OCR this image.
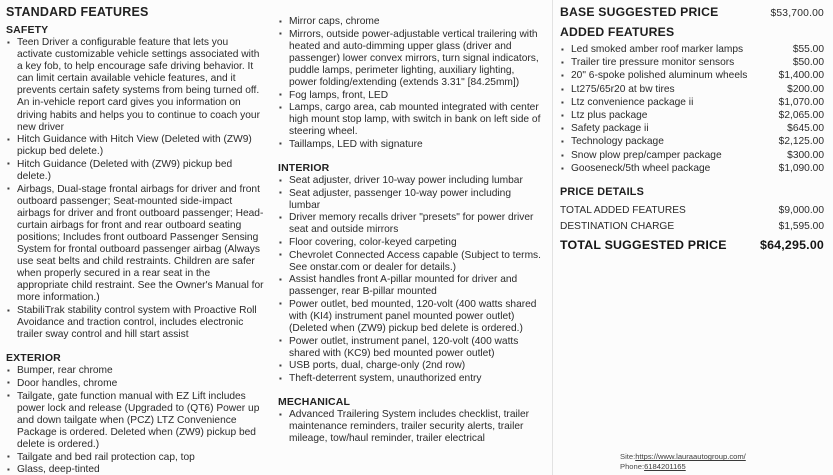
STANDARD FEATURES
SAFETY
▪ Teen Driver a configurable feature that lets you activate customizable vehicle settings associated with a key fob, to help encourage safe driving behavior. It can limit certain available vehicle features, and it prevents certain safety systems from being turned off. An in-vehicle report card gives you information on driving habits and helps you to continue to coach your new driver
▪ Hitch Guidance with Hitch View (Deleted with (ZW9) pickup bed delete.)
▪ Hitch Guidance (Deleted with (ZW9) pickup bed delete.)
▪ Airbags, Dual-stage frontal airbags for driver and front outboard passenger; Seat-mounted side-impact airbags for driver and front outboard passenger; Head-curtain airbags for front and rear outboard seating positions; Includes front outboard Passenger Sensing System for frontal outboard passenger airbag (Always use seat belts and child restraints. Children are safer when properly secured in a rear seat in the appropriate child restraint. See the Owner's Manual for more information.)
▪ StabiliTrak stability control system with Proactive Roll Avoidance and traction control, includes electronic trailer sway control and hill start assist
EXTERIOR
▪ Bumper, rear chrome
▪ Door handles, chrome
▪ Tailgate, gate function manual with EZ Lift includes power lock and release (Upgraded to (QT6) Power up and down tailgate when (PCZ) LTZ Convenience Package is ordered. Deleted when (ZW9) pickup bed delete is ordered.)
▪ Tailgate and bed rail protection cap, top
▪ Glass, deep-tinted
▪ Mirror caps, chrome
▪ Mirrors, outside power-adjustable vertical trailering with heated and auto-dimming upper glass (driver and passenger) lower convex mirrors, turn signal indicators, puddle lamps, perimeter lighting, auxiliary lighting, power folding/extending (extends 3.31" [84.25mm])
▪ Fog lamps, front, LED
▪ Lamps, cargo area, cab mounted integrated with center high mount stop lamp, with switch in bank on left side of steering wheel.
▪ Taillamps, LED with signature
INTERIOR
▪ Seat adjuster, driver 10-way power including lumbar
▪ Seat adjuster, passenger 10-way power including lumbar
▪ Driver memory recalls driver "presets" for power driver seat and outside mirrors
▪ Floor covering, color-keyed carpeting
▪ Chevrolet Connected Access capable (Subject to terms. See onstar.com or dealer for details.)
▪ Assist handles front A-pillar mounted for driver and passenger, rear B-pillar mounted
▪ Power outlet, bed mounted, 120-volt (400 watts shared with (KI4) instrument panel mounted power outlet) (Deleted when (ZW9) pickup bed delete is ordered.)
▪ Power outlet, instrument panel, 120-volt (400 watts shared with (KC9) bed mounted power outlet)
▪ USB ports, dual, charge-only (2nd row)
▪ Theft-deterrent system, unauthorized entry
MECHANICAL
▪ Advanced Trailering System includes checklist, trailer maintenance reminders, trailer security alerts, trailer mileage, tow/haul reminder, trailer electrical
BASE SUGGESTED PRICE	$53,700.00
ADDED FEATURES
▪ Led smoked amber roof marker lamps	$55.00
▪ Trailer tire pressure monitor sensors	$50.00
▪ 20" 6-spoke polished aluminum wheels	$1,400.00
▪ Lt275/65r20 at bw tires	$200.00
▪ Ltz convenience package ii	$1,070.00
▪ Ltz plus package	$2,065.00
▪ Safety package ii	$645.00
▪ Technology package	$2,125.00
▪ Snow plow prep/camper package	$300.00
▪ Gooseneck/5th wheel package	$1,090.00
PRICE DETAILS
TOTAL ADDED FEATURES	$9,000.00
DESTINATION CHARGE	$1,595.00
TOTAL SUGGESTED PRICE	$64,295.00
Site:https://www.lauraautogroup.com/
Phone:6184201165
